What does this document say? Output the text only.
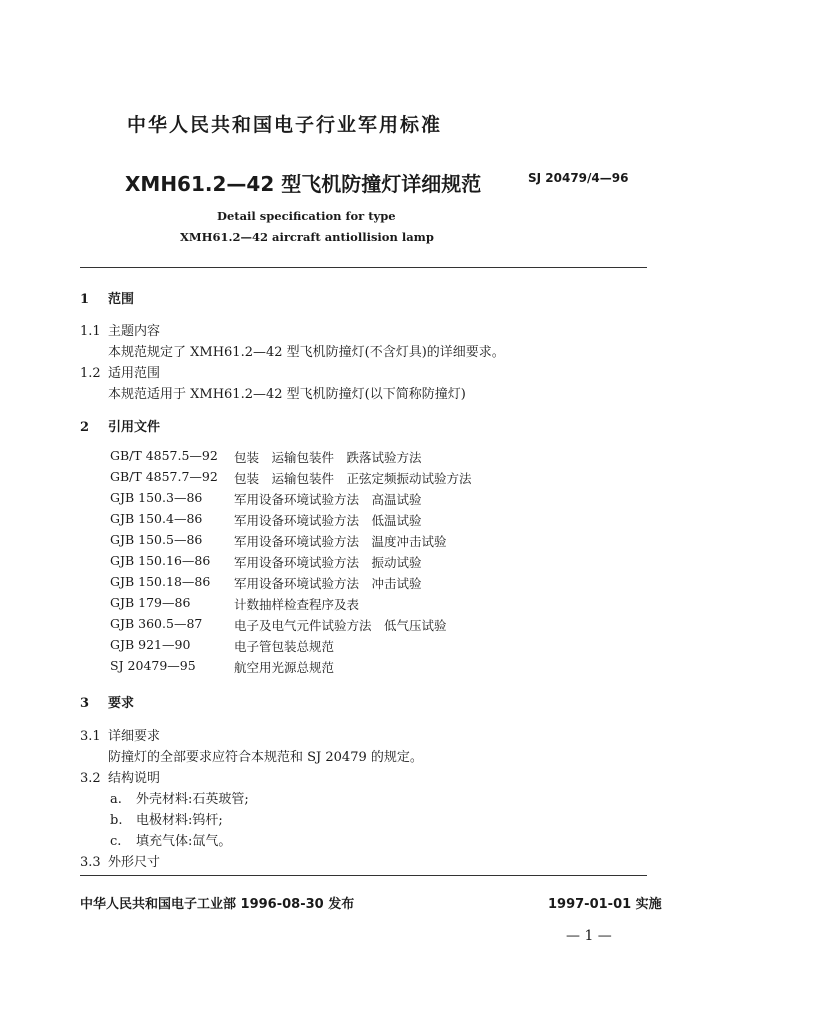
中华人民共和国电子行业军用标准
XMH61.2—42 型飞机防撞灯详细规范	SJ 20479/4—96
Detail specification for type
XMH61.2—42 aircraft antiollision lamp
1 范围
1.1 主题内容
本规范规定了 XMH61.2—42 型飞机防撞灯(不含灯具)的详细要求。
1.2 适用范围
本规范适用于 XMH61.2—42 型飞机防撞灯(以下简称防撞灯)
2 引用文件
GB/T 4857.5—92 包装　运输包装件　跌落试验方法
GB/T 4857.7—92 包装　运输包装件　正弦定频振动试验方法
GJB 150.3—86	军用设备环境试验方法　高温试验
GJB 150.4—86	军用设备环境试验方法　低温试验
GJB 150.5—86	军用设备环境试验方法　温度冲击试验
GJB 150.16—86 军用设备环境试验方法　振动试验
GJB 150.18—86 军用设备环境试验方法　冲击试验
GJB 179—86	计数抽样检查程序及表
GJB 360.5—87	电子及电气元件试验方法　低气压试验
GJB 921—90	电子管包装总规范
SJ 20479—95	航空用光源总规范
3 要求
3.1 详细要求
防撞灯的全部要求应符合本规范和 SJ 20479 的规定。
3.2 结构说明
a. 外壳材料:石英玻管;
b. 电极材料:钨杆;
c. 填充气体:氙气。
3.3 外形尺寸
中华人民共和国电子工业部 1996-08-30 发布	1997-01-01 实施
— 1 —
